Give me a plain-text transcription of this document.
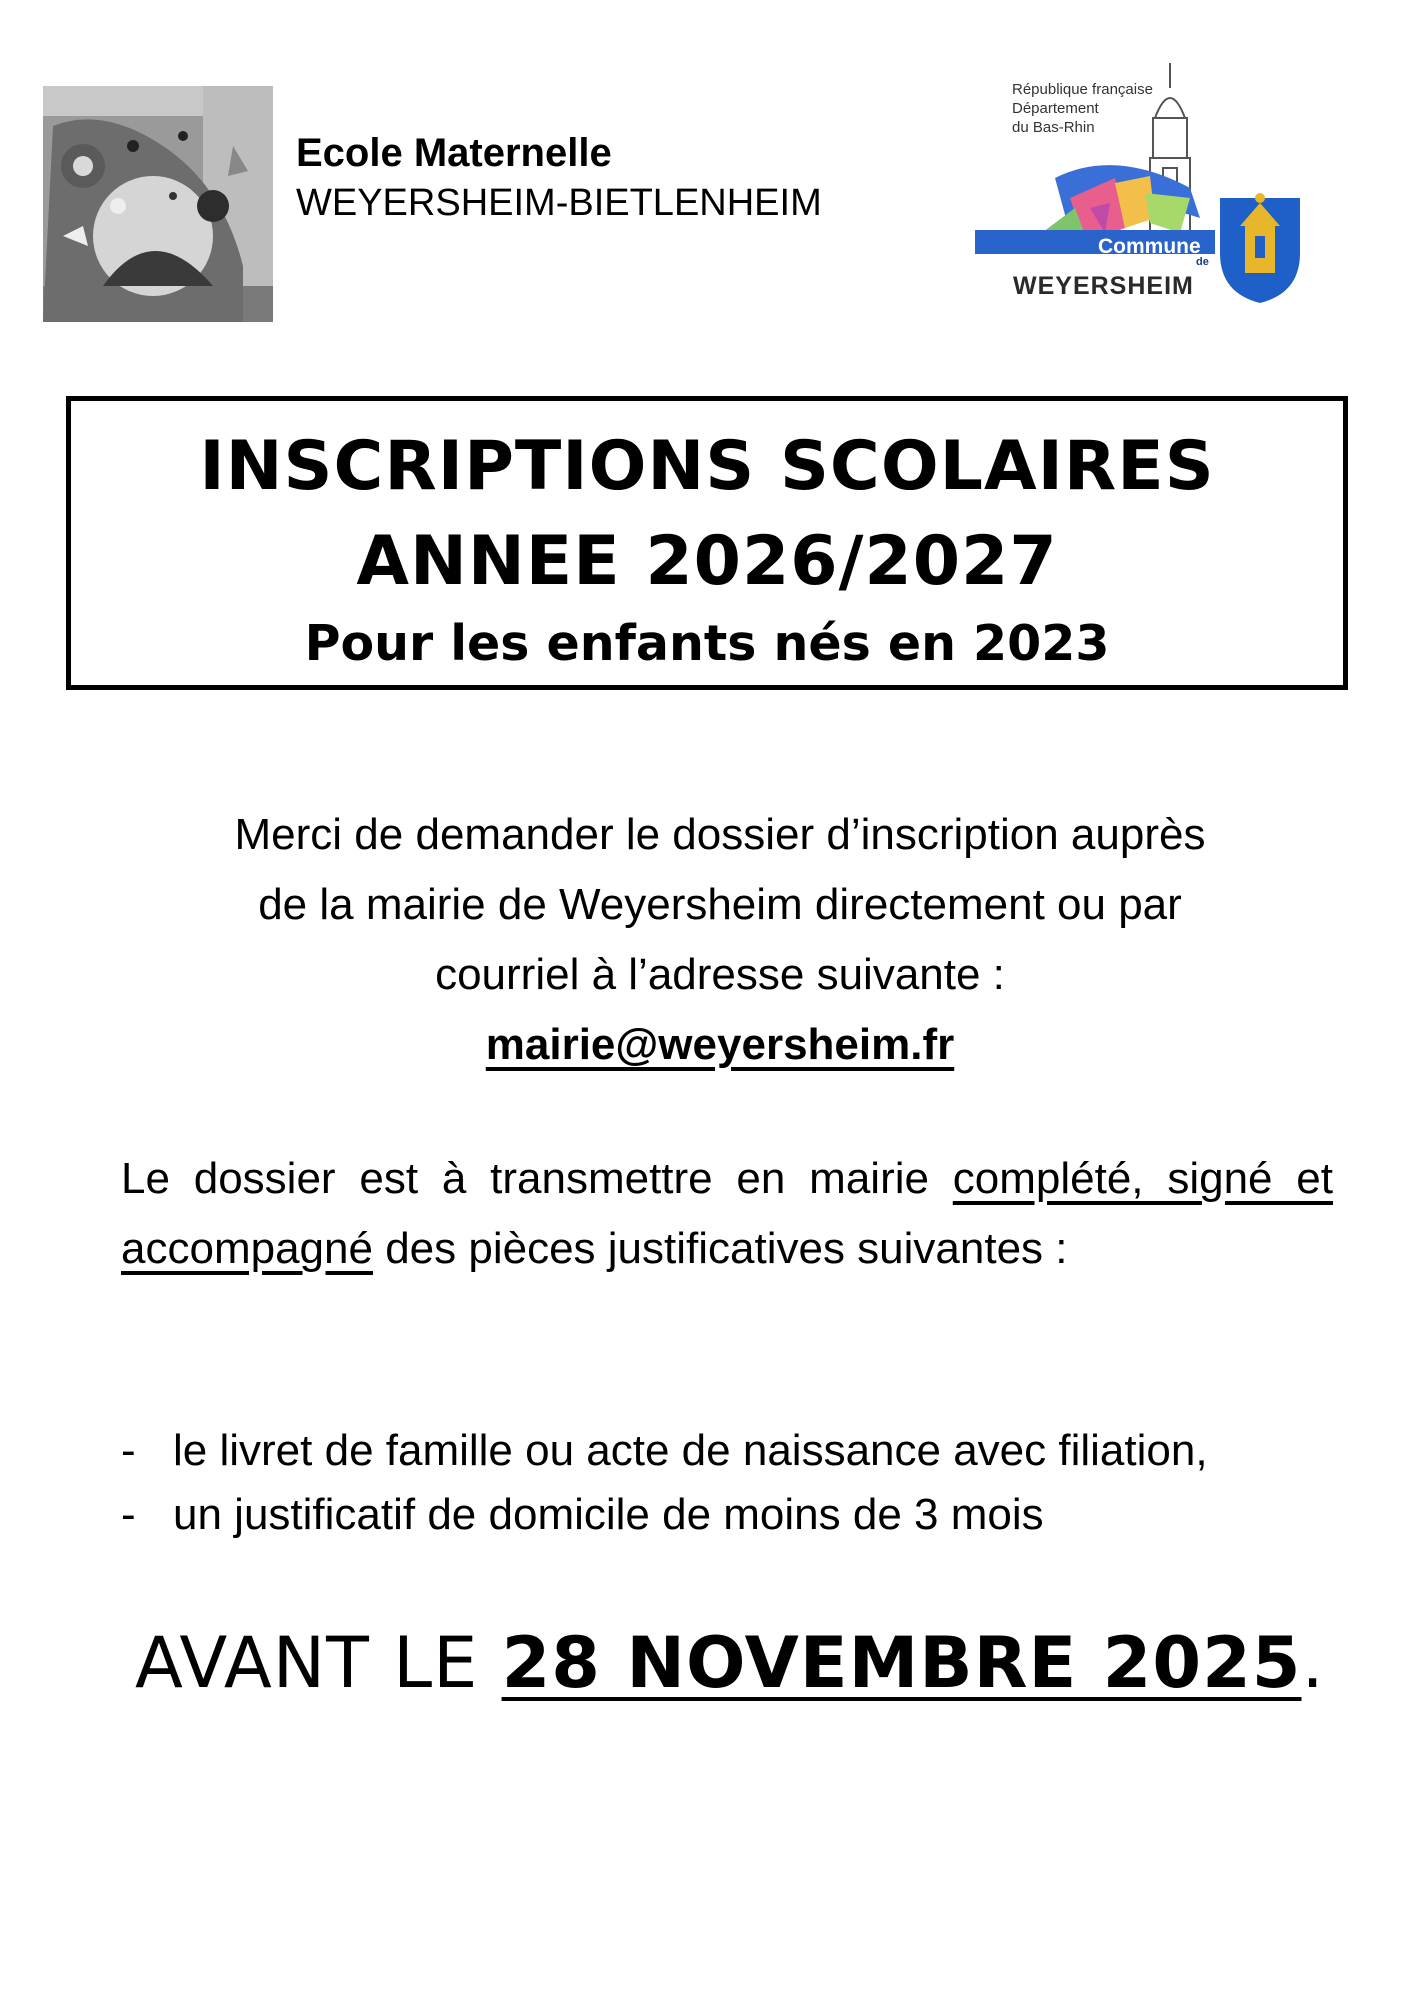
Ecole Maternelle
WEYERSHEIM-BIETLENHEIM
République française
Département
du Bas-Rhin
Commune
de
WEYERSHEIM
INSCRIPTIONS SCOLAIRES
ANNEE 2026/2027
Pour les enfants nés en 2023
Merci de demander le dossier d’inscription auprès
de la mairie de Weyersheim directement ou par
courriel à l’adresse suivante :
mairie@weyersheim.fr
Le dossier est à transmettre en mairie complété, signé et accompagné des pièces justificatives suivantes :
- le livret de famille ou acte de naissance avec filiation,
- un justificatif de domicile de moins de 3 mois
AVANT LE 28 NOVEMBRE 2025.
